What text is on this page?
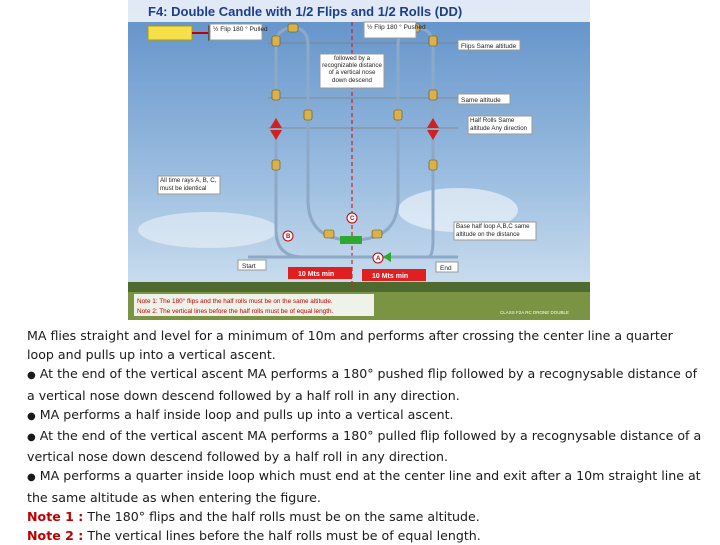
F4: Double Candle with 1/2 Flips and 1/2 Rolls (DD)
½ Flip 180 ° Pulled	½ Flip 180 ° Pushed
Flips Same altitude
followed by a recognizable distance of a vertical nose down descend
Same altitude
Half Rolls Same altitude Any direction
All time rays A, B, C, must be identical
Base half loop A,B,C same altitude on the distance
Start	End
A
B
C
10 Mts min	10 Mts min
Note 1: The 180° flips and the half rolls must be on the same altitude.
Note 2: The vertical lines before the half rolls must be of equal length.	CLASS F2A RC DRONE DOUBLE

MA flies straight and level for a minimum of 10m and performs after crossing the center line a quarter loop and pulls up into a vertical ascent.

● At the end of the vertical ascent MA performs a 180° pushed flip followed by a recognysable distance of a vertical nose down descend followed by a half roll in any direction.

● MA performs a half inside loop and pulls up into a vertical ascent.

● At the end of the vertical ascent MA performs a 180° pulled flip followed by a recognysable distance of a vertical nose down descend followed by a half roll in any direction.

● MA performs a quarter inside loop which must end at the center line and exit after a 10m straight line at the same altitude as when entering the figure.

Note 1 : The 180° flips and the half rolls must be on the same altitude.

Note 2 : The vertical lines before the half rolls must be of equal length.
